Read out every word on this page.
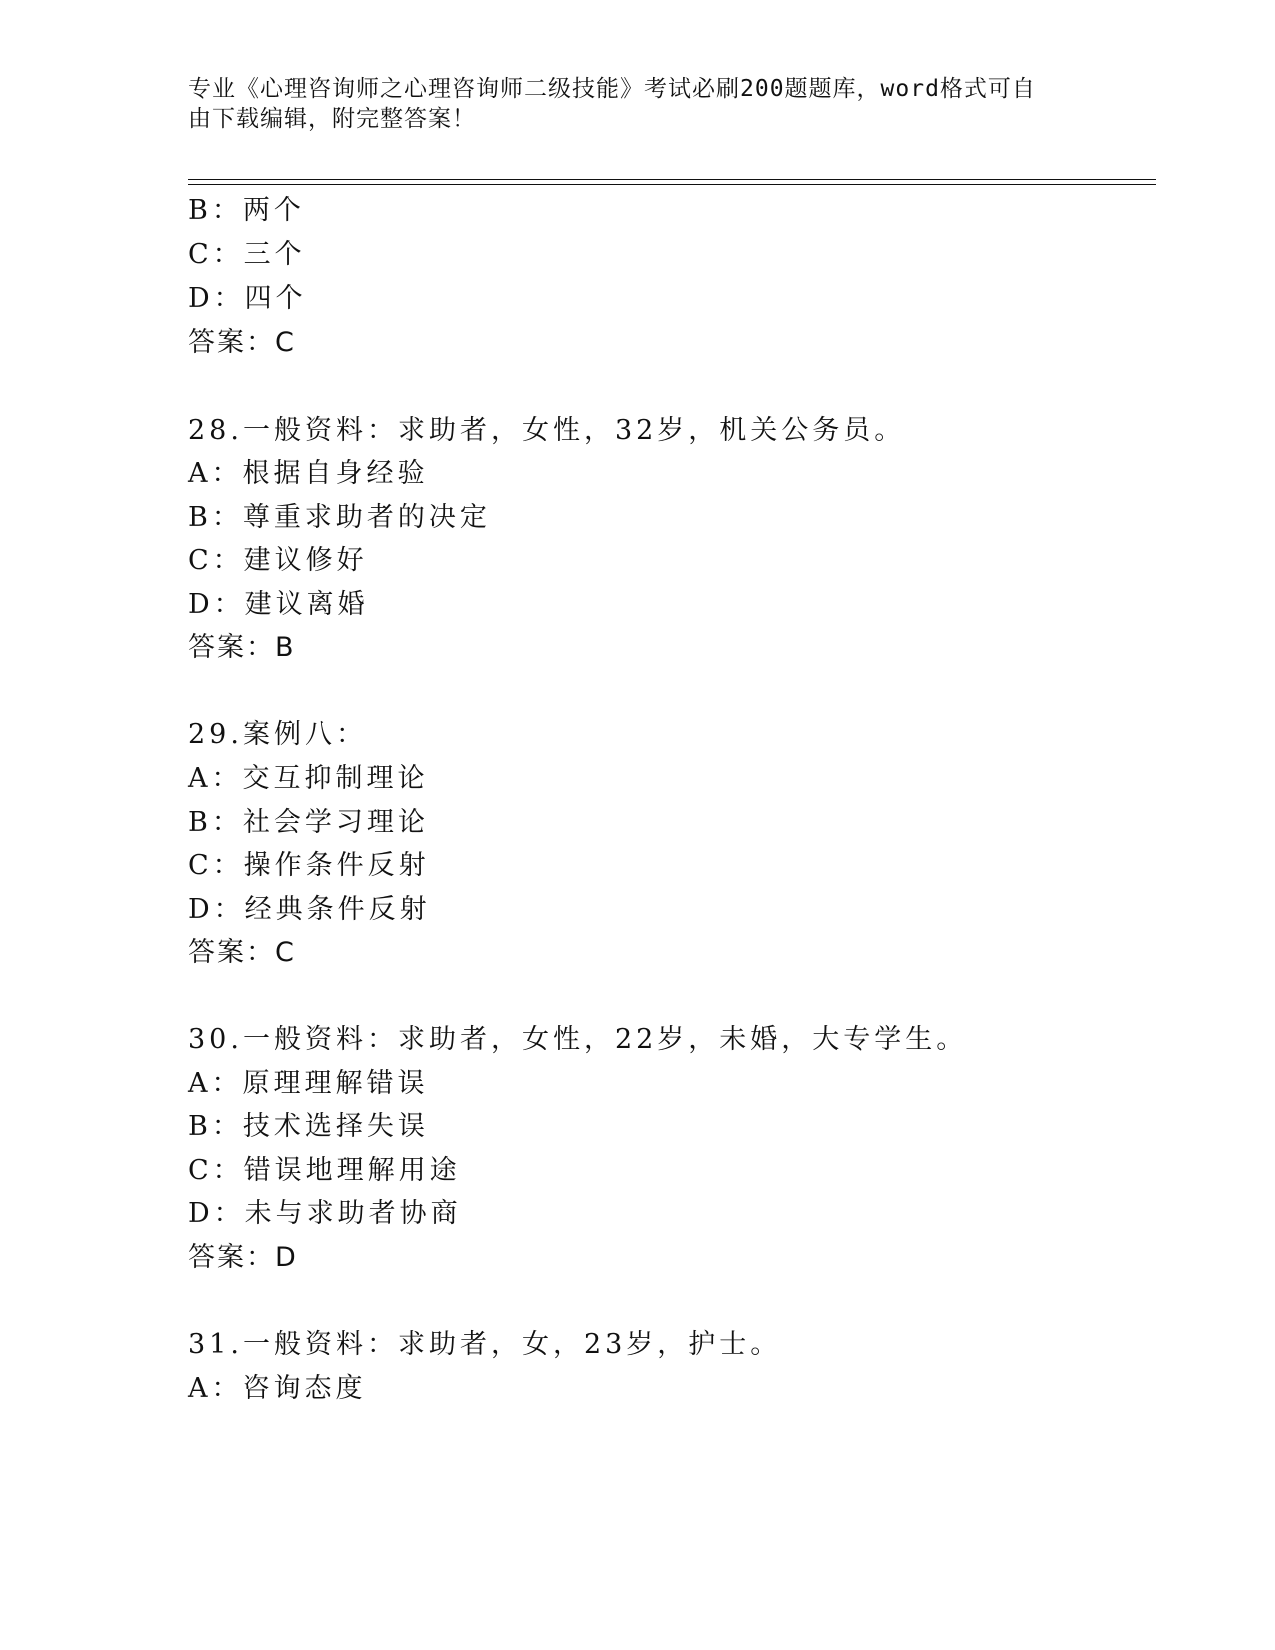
专业《心理咨询师之心理咨询师二级技能》考试必刷200题题库，word格式可自
由下载编辑，附完整答案！
B：两个
C：三个
D：四个
答案：C
28.一般资料：求助者，女性，32岁，机关公务员。
A：根据自身经验
B：尊重求助者的决定
C：建议修好
D：建议离婚
答案：B
29.案例八：
A：交互抑制理论
B：社会学习理论
C：操作条件反射
D：经典条件反射
答案：C
30.一般资料：求助者，女性，22岁，未婚，大专学生。
A：原理理解错误
B：技术选择失误
C：错误地理解用途
D：未与求助者协商
答案：D
31.一般资料：求助者，女，23岁，护士。
A：咨询态度
